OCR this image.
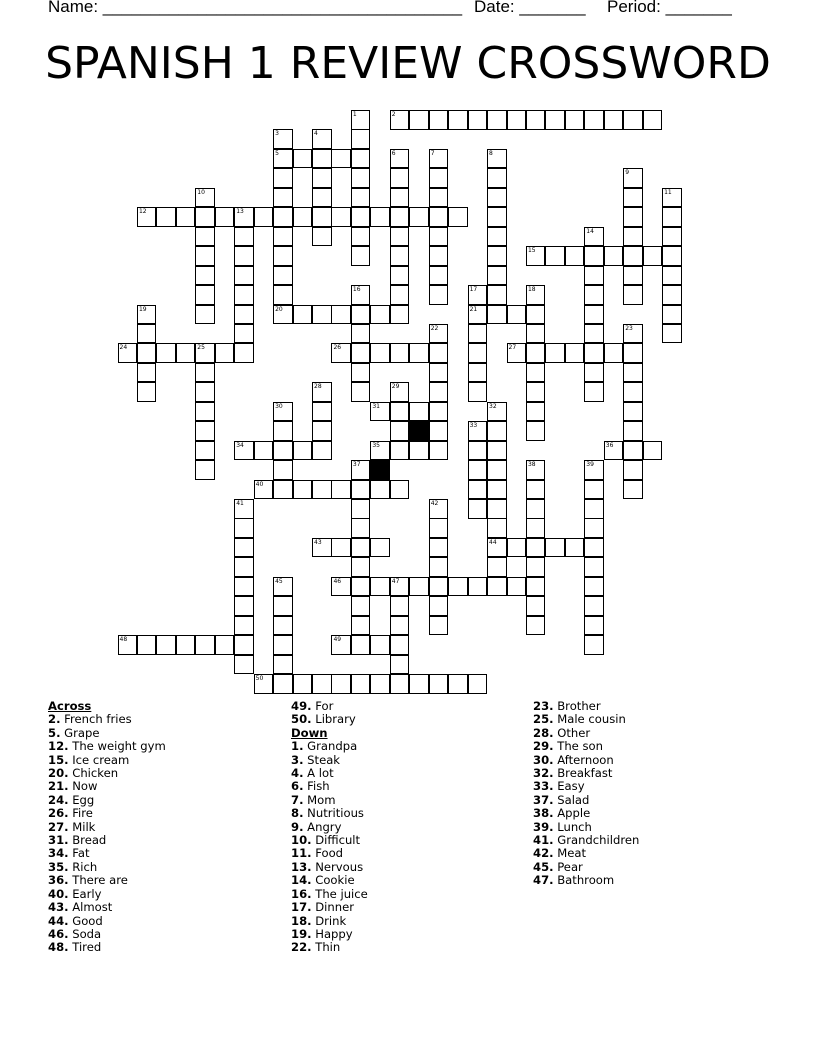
Name: ______________________________________ Date: _______ Period: _______
SPANISH 1 REVIEW CROSSWORD
1	2
3
5
4
6	7	8
9
10	11
12	13
14
15
16	17
21
18
19	20
22	23
24	25	26	27
28	29
30	31	32
44
33
34	35	36
37	38	39
40
41	42
43
45	46	47
48	49
50
Across
2. French fries
5. Grape
12. The weight gym
15. Ice cream
20. Chicken
21. Now
24. Egg
26. Fire
27. Milk
31. Bread
34. Fat
35. Rich
36. There are
40. Early
43. Almost
44. Good
46. Soda
48. Tired
49. For
50. Library
Down
1. Grandpa
3. Steak
4. A lot
6. Fish
7. Mom
8. Nutritious
9. Angry
10. Difficult
11. Food
13. Nervous
14. Cookie
16. The juice
17. Dinner
18. Drink
19. Happy
22. Thin
23. Brother
25. Male cousin
28. Other
29. The son
30. Afternoon
32. Breakfast
33. Easy
37. Salad
38. Apple
39. Lunch
41. Grandchildren
42. Meat
45. Pear
47. Bathroom
